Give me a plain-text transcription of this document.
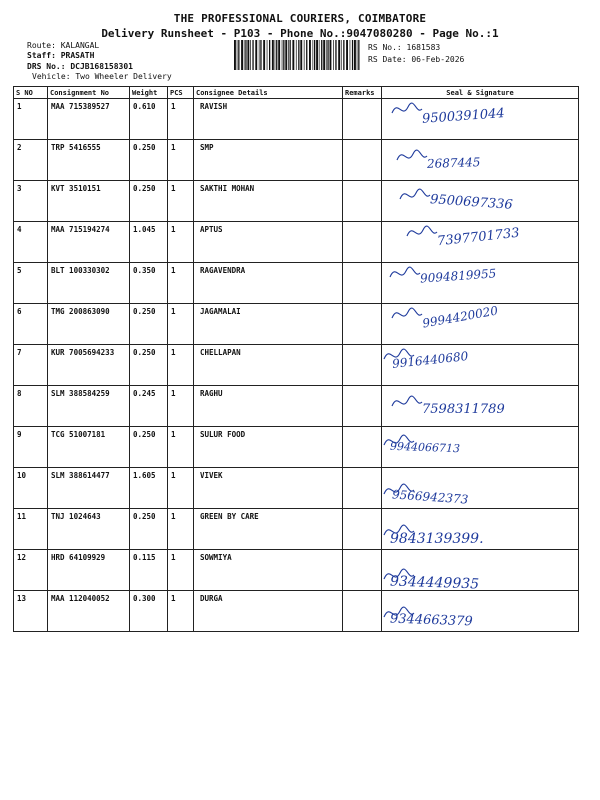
THE PROFESSIONAL COURIERS, COIMBATORE
Delivery Runsheet - P103 - Phone No.:9047080280 - Page No.:1
Route: KALANGAL
Staff: PRASATH
DRS No.: DCJB168158301
Vehicle: Two Wheeler Delivery
RS No.: 1681583
RS Date: 06-Feb-2026
S NO	Consignment No	Weight	PCS	Consignee Details	Remarks	Seal & Signature
1	MAA 715389527	0.610	1	RAVISH		9500391044

2	TRP 5416555	0.250	1	SMP		2687445

3	KVT 3510151	0.250	1	SAKTHI MOHAN		9500697336

4	MAA 715194274	1.045	1	APTUS		7397701733

5	BLT 100330302	0.350	1	RAGAVENDRA		9094819955

6	TMG 200863090	0.250	1	JAGAMALAI		9994420020

7	KUR 7005694233	0.250	1	CHELLAPAN		9916440680

8	SLM 388584259	0.245	1	RAGHU		7598311789

9	TCG 51007181	0.250	1	SULUR FOOD		9944066713

10	SLM 388614477	1.605	1	VIVEK		9566942373

11	TNJ 1024643	0.250	1	GREEN BY CARE		9843139399.

12	HRD 64109929	0.115	1	SOWMIYA		9344449935

13	MAA 112040052	0.300	1	DURGA		9344663379
